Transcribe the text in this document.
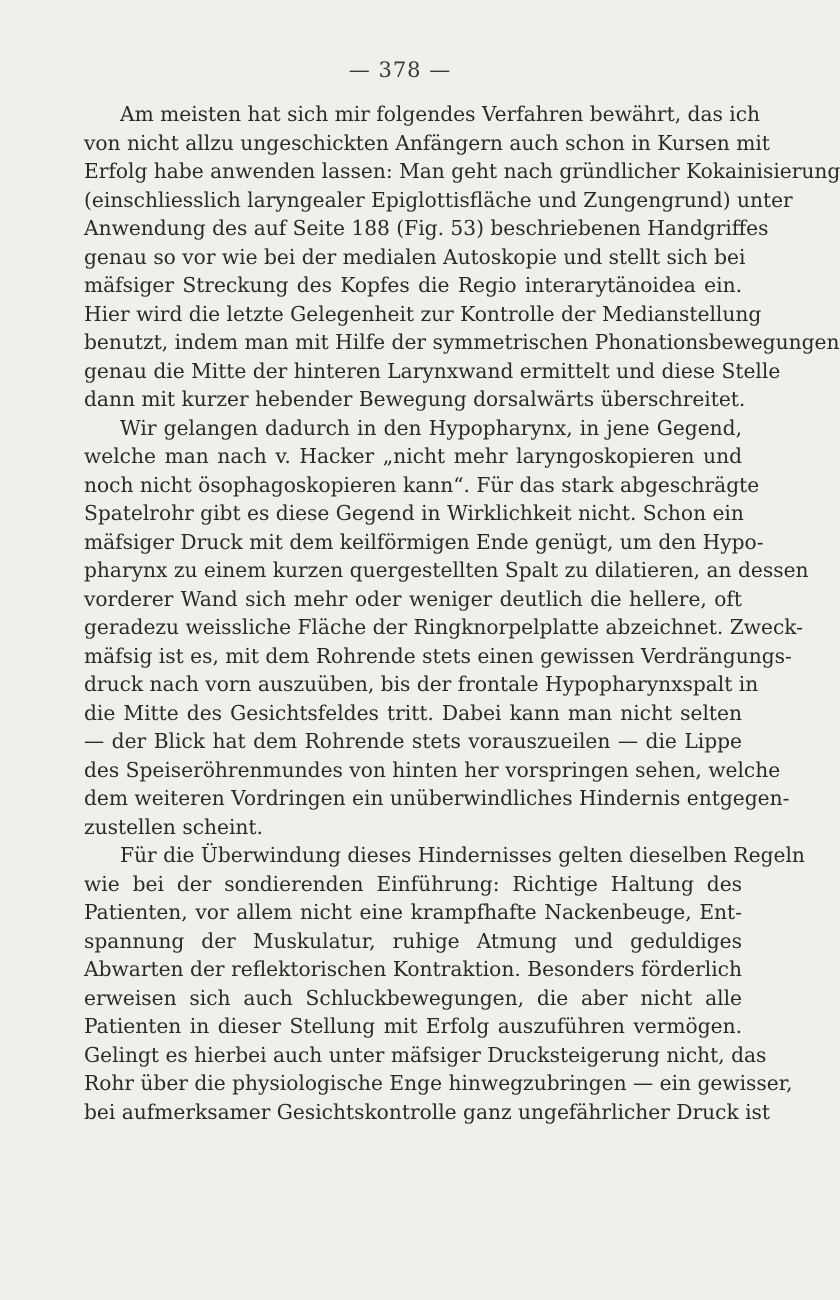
— 378 —

Am meisten hat sich mir folgendes Verfahren bewährt, das ich
von nicht allzu ungeschickten Anfängern auch schon in Kursen mit
Erfolg habe anwenden lassen: Man geht nach gründlicher Kokainisierung
(einschliesslich laryngealer Epiglottisfläche und Zungengrund) unter
Anwendung des auf Seite 188 (Fig. 53) beschriebenen Handgriffes
genau so vor wie bei der medialen Autoskopie und stellt sich bei
mäfsiger Streckung des Kopfes die Regio interarytänoidea ein.
Hier wird die letzte Gelegenheit zur Kontrolle der Medianstellung
benutzt, indem man mit Hilfe der symmetrischen Phonationsbewegungen
genau die Mitte der hinteren Larynxwand ermittelt und diese Stelle
dann mit kurzer hebender Bewegung dorsalwärts überschreitet.

Wir gelangen dadurch in den Hypopharynx, in jene Gegend,
welche man nach v. Hacker „nicht mehr laryngoskopieren und
noch nicht ösophagoskopieren kann“. Für das stark abgeschrägte
Spatelrohr gibt es diese Gegend in Wirklichkeit nicht. Schon ein
mäfsiger Druck mit dem keilförmigen Ende genügt, um den Hypo-
pharynx zu einem kurzen quergestellten Spalt zu dilatieren, an dessen
vorderer Wand sich mehr oder weniger deutlich die hellere, oft
geradezu weissliche Fläche der Ringknorpelplatte abzeichnet. Zweck-
mäfsig ist es, mit dem Rohrende stets einen gewissen Verdrängungs-
druck nach vorn auszuüben, bis der frontale Hypopharynxspalt in
die Mitte des Gesichtsfeldes tritt. Dabei kann man nicht selten
— der Blick hat dem Rohrende stets vorauszueilen — die Lippe
des Speiseröhrenmundes von hinten her vorspringen sehen, welche
dem weiteren Vordringen ein unüberwindliches Hindernis entgegen-
zustellen scheint.

Für die Überwindung dieses Hindernisses gelten dieselben Regeln
wie bei der sondierenden Einführung: Richtige Haltung des
Patienten, vor allem nicht eine krampfhafte Nackenbeuge, Ent-
spannung der Muskulatur, ruhige Atmung und geduldiges
Abwarten der reflektorischen Kontraktion. Besonders förderlich
erweisen sich auch Schluckbewegungen, die aber nicht alle
Patienten in dieser Stellung mit Erfolg auszuführen vermögen.
Gelingt es hierbei auch unter mäfsiger Drucksteigerung nicht, das
Rohr über die physiologische Enge hinwegzubringen — ein gewisser,
bei aufmerksamer Gesichtskontrolle ganz ungefährlicher Druck ist
